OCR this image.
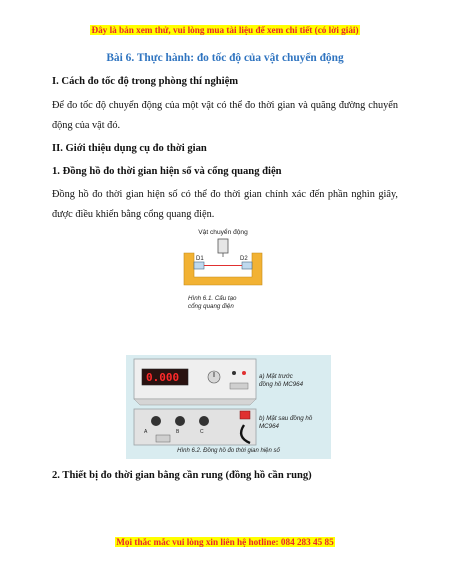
Đây là bản xem thử, vui lòng mua tài liệu để xem chi tiết (có lời giải)
Bài 6. Thực hành: đo tốc độ của vật chuyển động
I. Cách đo tốc độ trong phòng thí nghiệm
Để đo tốc độ chuyển động của một vật có thể đo thời gian và quãng đường chuyển động của vật đó.
II. Giới thiệu dụng cụ đo thời gian
1. Đồng hồ đo thời gian hiện số và cổng quang điện
Đồng hồ đo thời gian hiện số có thể đo thời gian chính xác đến phần nghìn giây, được điều khiển bằng cổng quang điện.
Vật chuyển động
D1	D2
Hình 6.1. Cấu tạo
cổng quang điện
0.000
A	B	C
a) Mặt trước
đồng hồ MC964
b) Mặt sau đồng hồ
MC964
Hình 6.2. Đồng hồ đo thời gian hiện số
2. Thiết bị đo thời gian bằng cần rung (đồng hồ cần rung)
Mọi thắc mắc vui lòng xin liên hệ hotline: 084 283 45 85
